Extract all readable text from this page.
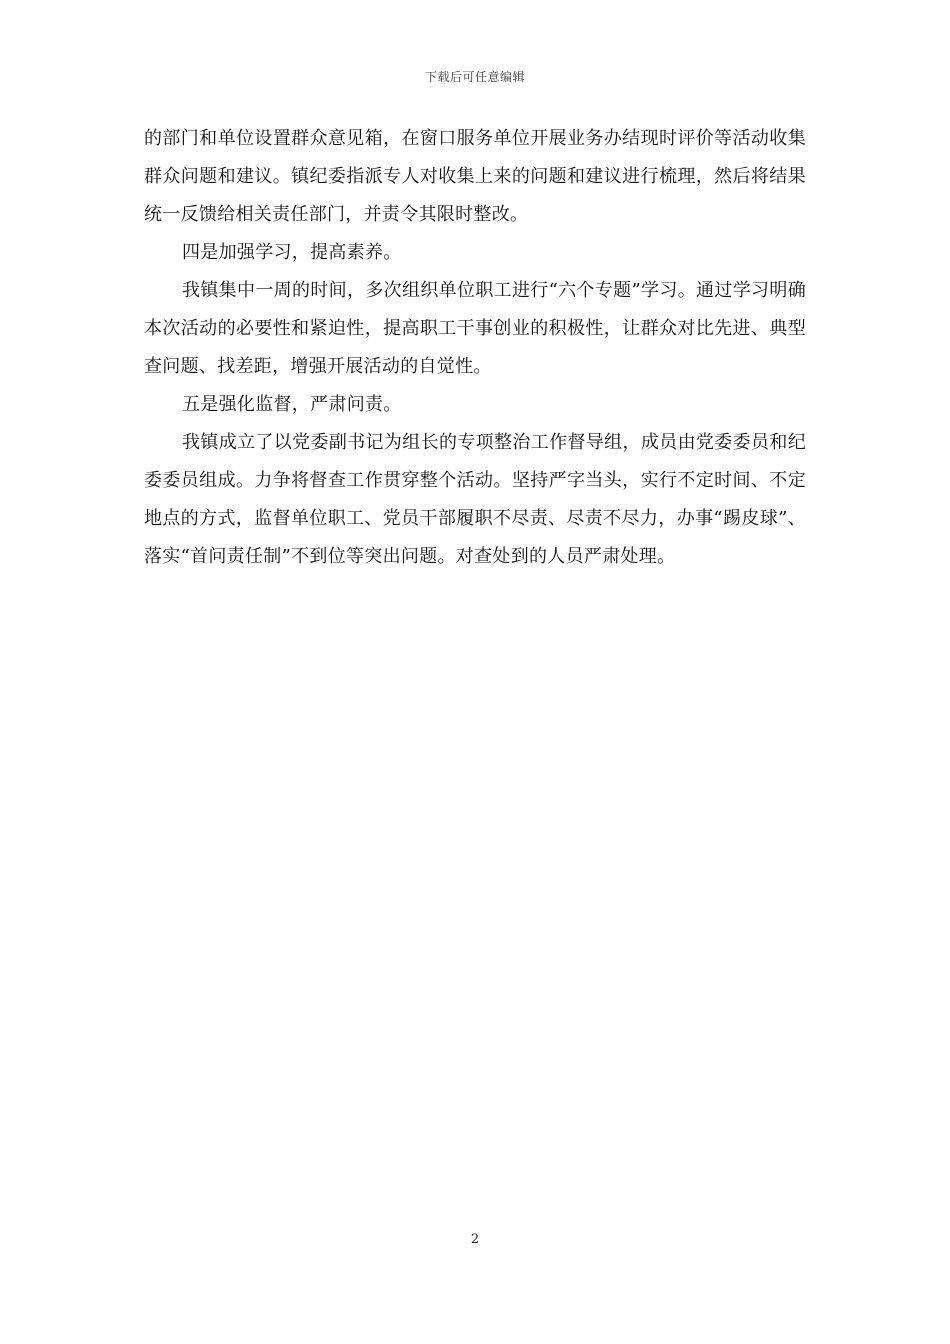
下载后可任意编辑

的部门和单位设置群众意见箱，在窗口服务单位开展业务办结现时评价等活动收集群众问题和建议。镇纪委指派专人对收集上来的问题和建议进行梳理，然后将结果统一反馈给相关责任部门，并责令其限时整改。

四是加强学习，提高素养。

我镇集中一周的时间，多次组织单位职工进行“六个专题”学习。通过学习明确本次活动的必要性和紧迫性，提高职工干事创业的积极性，让群众对比先进、典型查问题、找差距，增强开展活动的自觉性。

五是强化监督，严肃问责。

我镇成立了以党委副书记为组长的专项整治工作督导组，成员由党委委员和纪委委员组成。力争将督查工作贯穿整个活动。坚持严字当头，实行不定时间、不定地点的方式，监督单位职工、党员干部履职不尽责、尽责不尽力，办事“踢皮球”、落实“首问责任制”不到位等突出问题。对查处到的人员严肃处理。

2
